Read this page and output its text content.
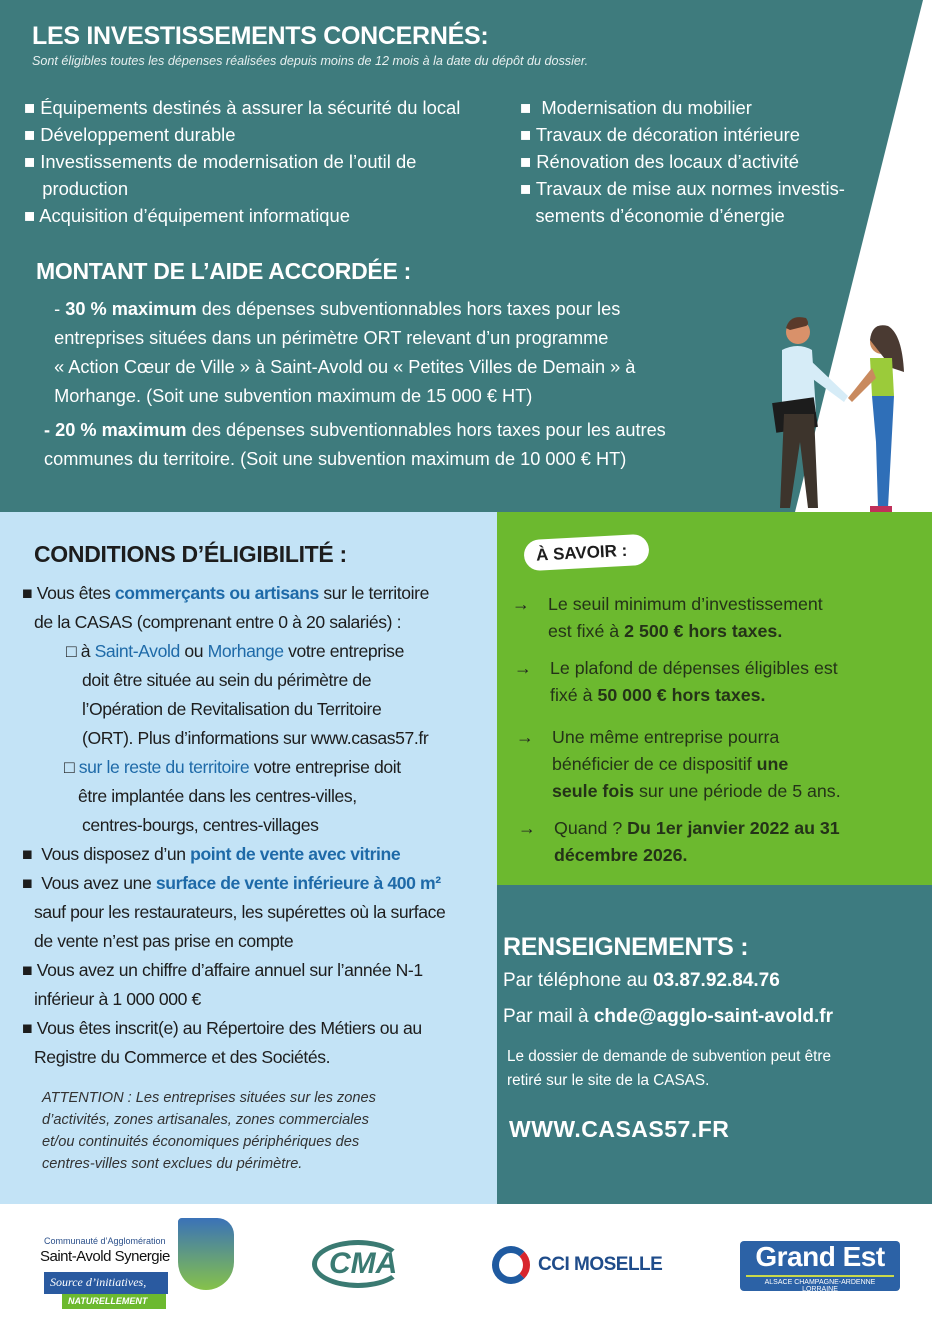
LES INVESTISSEMENTS CONCERNÉS:
Sont éligibles toutes les dépenses réalisées depuis moins de 12 mois à la date du dépôt du dossier.
■ Équipements destinés à assurer la sécurité du local
■ Développement durable
■ Investissements de modernisation de l’outil de
production
■ Acquisition d’équipement informatique
■  Modernisation du mobilier
■ Travaux de décoration intérieure
■ Rénovation des locaux d’activité
■ Travaux de mise aux normes investis-
sements d’économie d’énergie
MONTANT DE L’AIDE ACCORDÉE :
- 30 % maximum des dépenses subventionnables hors taxes pour les
entreprises situées dans un périmètre ORT relevant d’un programme
« Action Cœur de Ville » à Saint-Avold ou « Petites Villes de Demain » à
Morhange. (Soit une subvention maximum de 15 000 € HT)
- 20 % maximum des dépenses subventionnables hors taxes pour les autres
communes du territoire. (Soit une subvention maximum de 10 000 € HT)
CONDITIONS D’ÉLIGIBILITÉ :
■ Vous êtes commerçants ou artisans sur le territoire
de la CASAS (comprenant entre 0 à 20 salariés) :
□ à Saint-Avold ou Morhange votre entreprise
doit être située au sein du périmètre de
l’Opération de Revitalisation du Territoire
(ORT). Plus d’informations sur www.casas57.fr
□ sur le reste du territoire votre entreprise doit
être implantée dans les centres-villes,
centres-bourgs, centres-villages
■  Vous disposez d’un point de vente avec vitrine
■  Vous avez une surface de vente inférieure à 400 m²
sauf pour les restaurateurs, les supérettes où la surface
de vente n’est pas prise en compte
■ Vous avez un chiffre d’affaire annuel sur l’année N-1
inférieur à 1 000 000 €
■ Vous êtes inscrit(e) au Répertoire des Métiers ou au
Registre du Commerce et des Sociétés.
ATTENTION : Les entreprises situées sur les zones
d’activités, zones artisanales, zones commerciales
et/ou continuités économiques périphériques des
centres-villes sont exclues du périmètre.
À SAVOIR :
→ Le seuil minimum d’investissement
est fixé à 2 500 € hors taxes.
→ Le plafond de dépenses éligibles est
fixé à 50 000 € hors taxes.
→ Une même entreprise pourra
bénéficier de ce dispositif une
seule fois sur une période de 5 ans.
→ Quand ? Du 1er janvier 2022 au 31
décembre 2026.
RENSEIGNEMENTS :
Par téléphone au 03.87.92.84.76
Par mail à chde@agglo-saint-avold.fr
Le dossier de demande de subvention peut être
retiré sur le site de la CASAS.
WWW.CASAS57.FR
Communauté d’Agglomération
Saint-Avold Synergie
Source d’initiatives,
NATURELLEMENT
CMA	CCI MOSELLE	Grand Est
ALSACE CHAMPAGNE-ARDENNE LORRAINE
